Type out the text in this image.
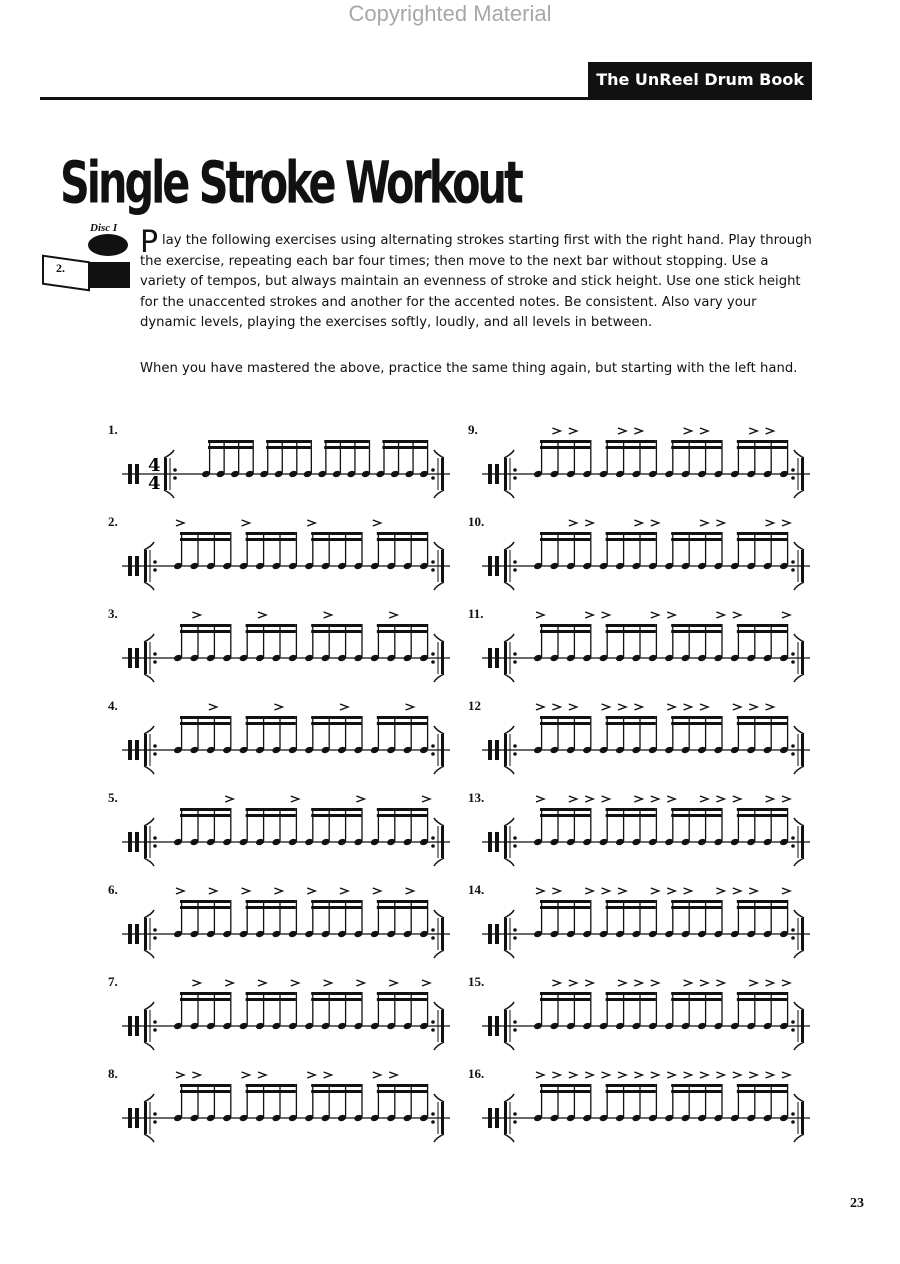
Copyrighted Material
The UnReel Drum Book
Single Stroke Workout
Disc I
2.
P lay the following exercises using alternating strokes starting first with the right hand. Play through the exercise, repeating each bar four times; then move to the next bar without stopping. Use a variety of tempos, but always maintain an evenness of stroke and stick height. Use one stick height for the unaccented strokes and another for the accented notes. Be consistent. Also vary your dynamic levels, playing the exercises softly, loudly, and all levels in between.

When you have mastered the above, practice the same thing again, but starting with the left hand.

1.
4
4
2.
3.
4.
5.
6.
7.
8.
9.
10.
11.
12
13.
14.
15.
16.
23
